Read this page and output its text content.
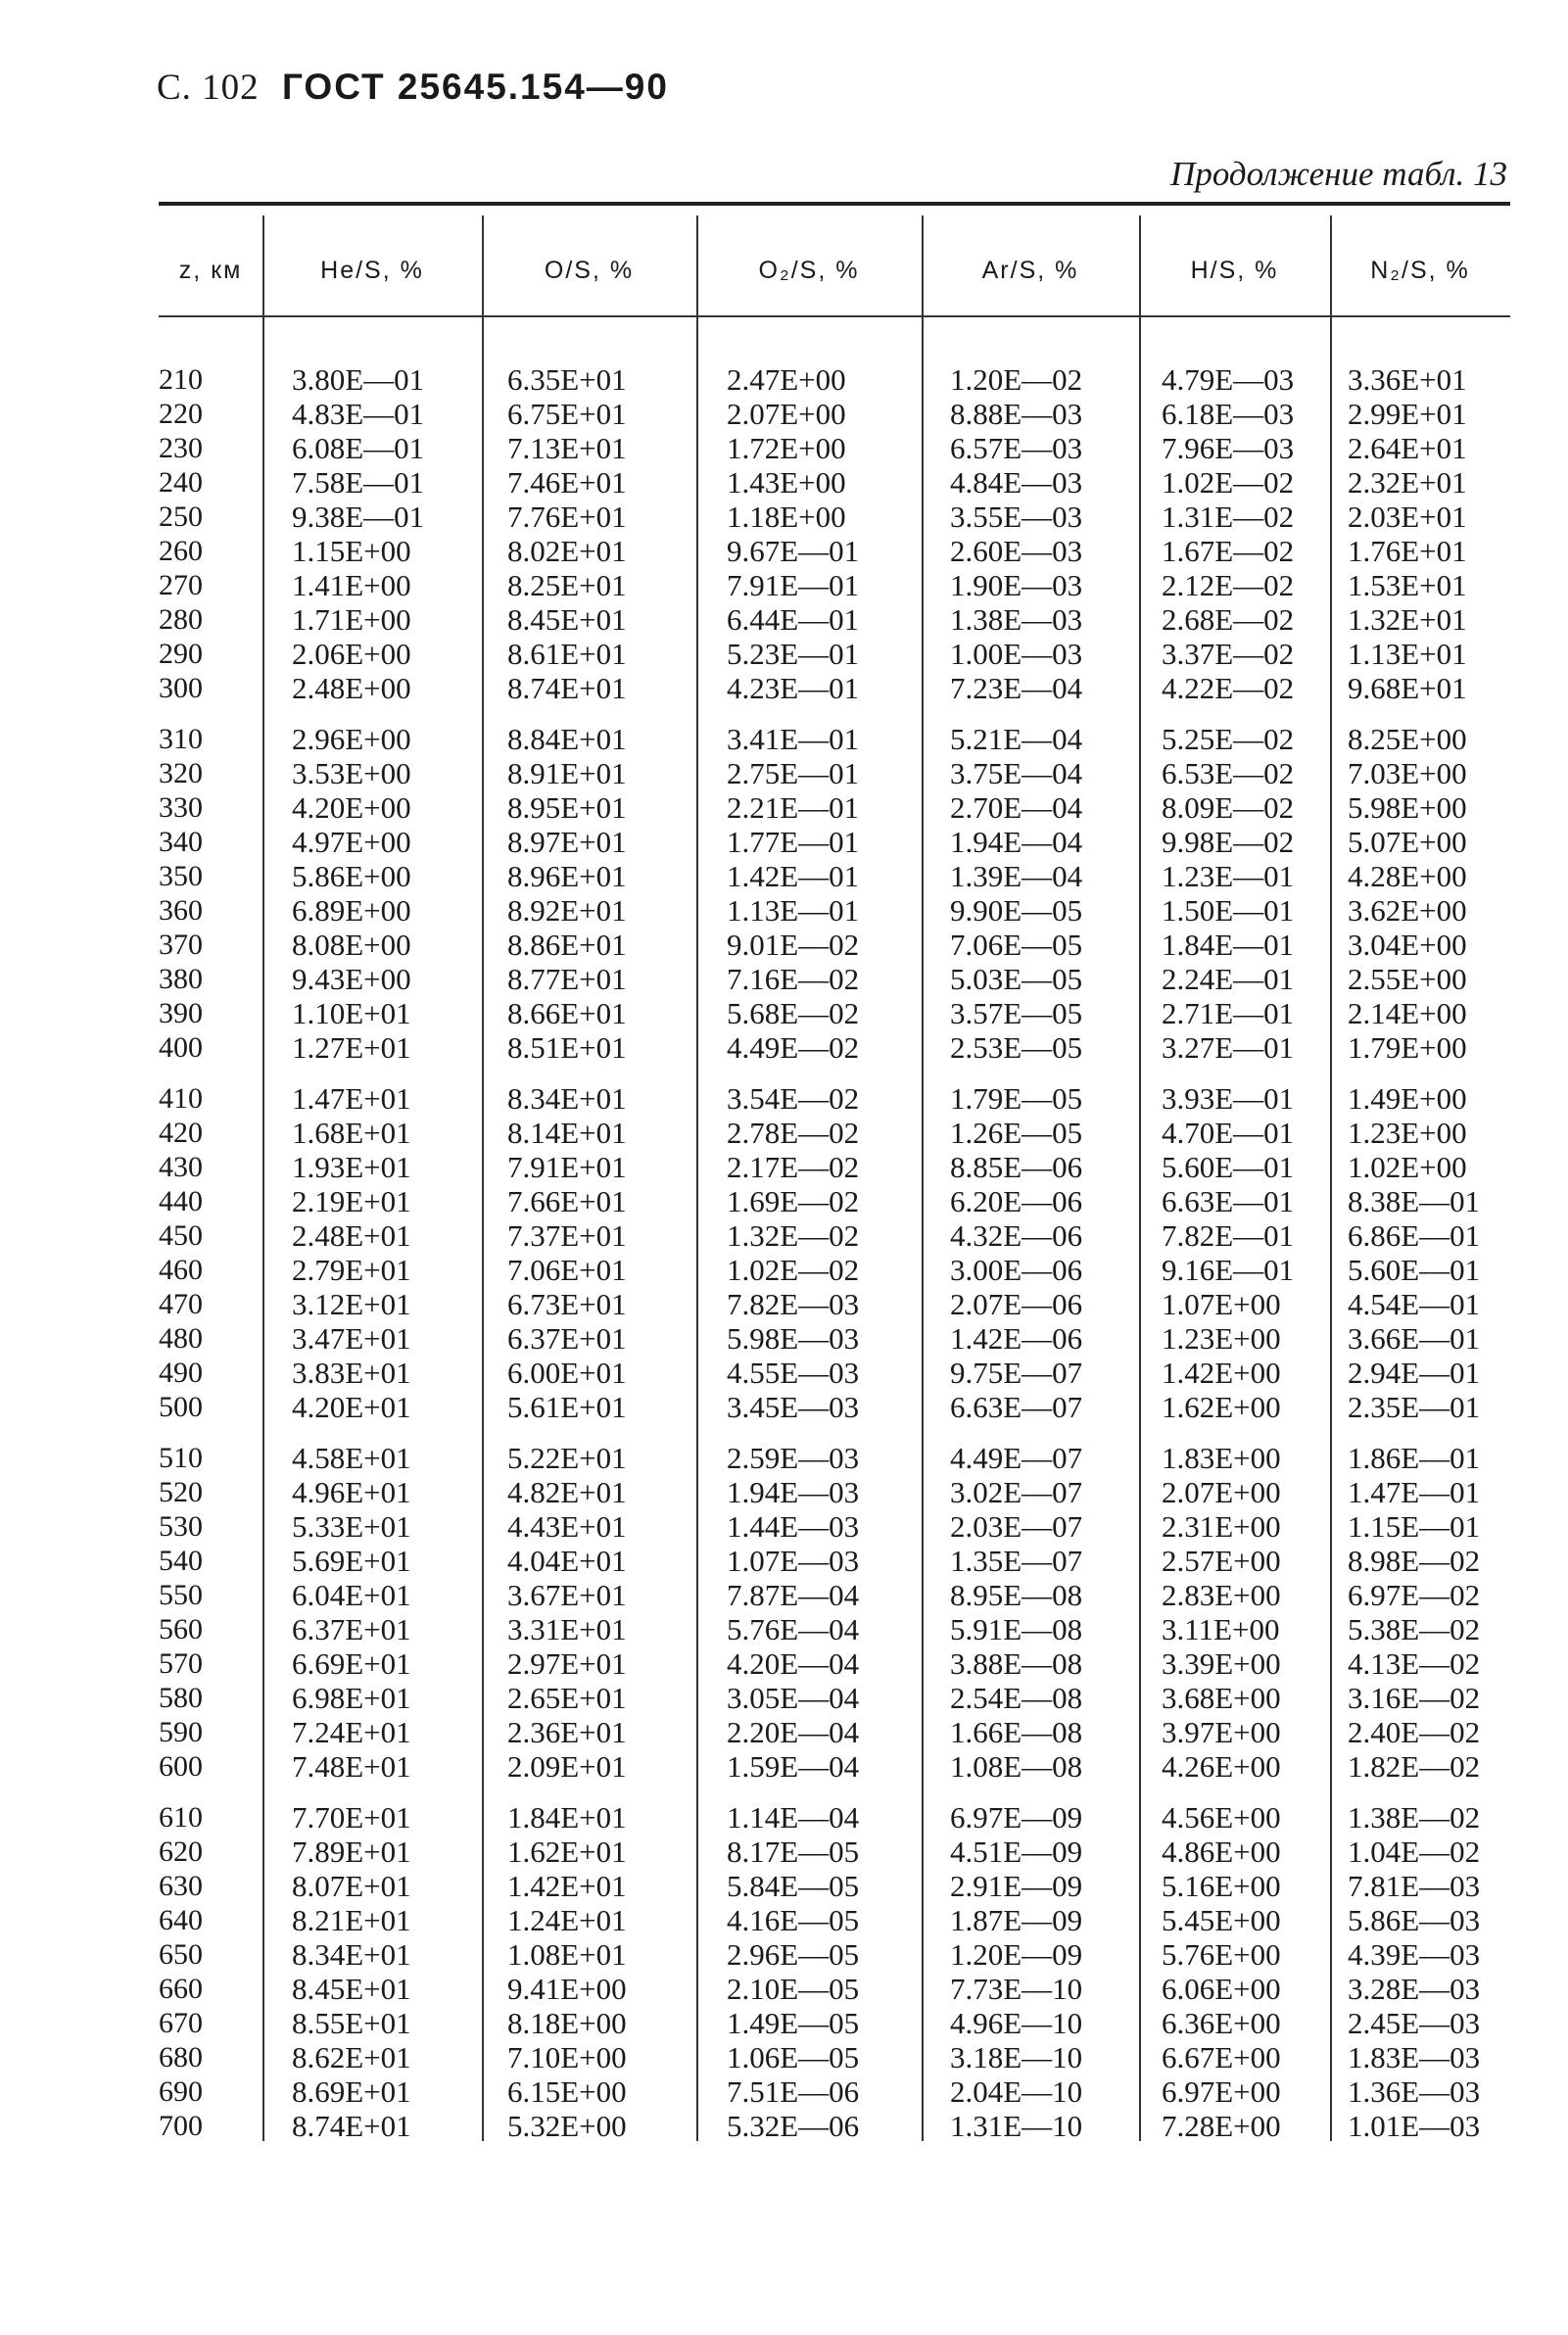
С. 102 ГОСТ 25645.154—90
Продолжение табл. 13
z, км	He/S, %	O/S, %	O₂/S, %	Ar/S, %	H/S, %	N₂/S, %
210	3.80E—01	6.35E+01	2.47E+00	1.20E—02	4.79E—03 3.36E+01
220	4.83E—01	6.75E+01	2.07E+00	8.88E—03	6.18E—03 2.99E+01
230	6.08E—01	7.13E+01	1.72E+00	6.57E—03	7.96E—03 2.64E+01
240	7.58E—01	7.46E+01	1.43E+00	4.84E—03	1.02E—02 2.32E+01
250	9.38E—01	7.76E+01	1.18E+00	3.55E—03	1.31E—02 2.03E+01
260	1.15E+00	8.02E+01	9.67E—01	2.60E—03	1.67E—02 1.76E+01
270	1.41E+00	8.25E+01	7.91E—01	1.90E—03	2.12E—02 1.53E+01
280	1.71E+00	8.45E+01	6.44E—01	1.38E—03	2.68E—02 1.32E+01
290	2.06E+00	8.61E+01	5.23E—01	1.00E—03	3.37E—02 1.13E+01
300	2.48E+00	8.74E+01	4.23E—01	7.23E—04	4.22E—02 9.68E+01
310	2.96E+00	8.84E+01	3.41E—01	5.21E—04	5.25E—02 8.25E+00
320	3.53E+00	8.91E+01	2.75E—01	3.75E—04	6.53E—02 7.03E+00
330	4.20E+00	8.95E+01	2.21E—01	2.70E—04	8.09E—02 5.98E+00
340	4.97E+00	8.97E+01	1.77E—01	1.94E—04	9.98E—02 5.07E+00
350	5.86E+00	8.96E+01	1.42E—01	1.39E—04	1.23E—01 4.28E+00
360	6.89E+00	8.92E+01	1.13E—01	9.90E—05	1.50E—01 3.62E+00
370	8.08E+00	8.86E+01	9.01E—02	7.06E—05	1.84E—01 3.04E+00
380	9.43E+00	8.77E+01	7.16E—02	5.03E—05	2.24E—01 2.55E+00
390	1.10E+01	8.66E+01	5.68E—02	3.57E—05	2.71E—01 2.14E+00
400	1.27E+01	8.51E+01	4.49E—02	2.53E—05	3.27E—01 1.79E+00
410	1.47E+01	8.34E+01	3.54E—02	1.79E—05	3.93E—01 1.49E+00
420	1.68E+01	8.14E+01	2.78E—02	1.26E—05	4.70E—01 1.23E+00
430	1.93E+01	7.91E+01	2.17E—02	8.85E—06	5.60E—01 1.02E+00
440	2.19E+01	7.66E+01	1.69E—02	6.20E—06	6.63E—01 8.38E—01
450	2.48E+01	7.37E+01	1.32E—02	4.32E—06	7.82E—01 6.86E—01
460	2.79E+01	7.06E+01	1.02E—02	3.00E—06	9.16E—01 5.60E—01
470	3.12E+01	6.73E+01	7.82E—03	2.07E—06	1.07E+00 4.54E—01
480	3.47E+01	6.37E+01	5.98E—03	1.42E—06	1.23E+00 3.66E—01
490	3.83E+01	6.00E+01	4.55E—03	9.75E—07	1.42E+00 2.94E—01
500	4.20E+01	5.61E+01	3.45E—03	6.63E—07	1.62E+00 2.35E—01
510	4.58E+01	5.22E+01	2.59E—03	4.49E—07	1.83E+00 1.86E—01
520	4.96E+01	4.82E+01	1.94E—03	3.02E—07	2.07E+00 1.47E—01
530	5.33E+01	4.43E+01	1.44E—03	2.03E—07	2.31E+00 1.15E—01
540	5.69E+01	4.04E+01	1.07E—03	1.35E—07	2.57E+00 8.98E—02
550	6.04E+01	3.67E+01	7.87E—04	8.95E—08	2.83E+00 6.97E—02
560	6.37E+01	3.31E+01	5.76E—04	5.91E—08	3.11E+00 5.38E—02
570	6.69E+01	2.97E+01	4.20E—04	3.88E—08	3.39E+00 4.13E—02
580	6.98E+01	2.65E+01	3.05E—04	2.54E—08	3.68E+00 3.16E—02
590	7.24E+01	2.36E+01	2.20E—04	1.66E—08	3.97E+00 2.40E—02
600	7.48E+01	2.09E+01	1.59E—04	1.08E—08	4.26E+00 1.82E—02
610	7.70E+01	1.84E+01	1.14E—04	6.97E—09	4.56E+00 1.38E—02
620	7.89E+01	1.62E+01	8.17E—05	4.51E—09	4.86E+00 1.04E—02
630	8.07E+01	1.42E+01	5.84E—05	2.91E—09	5.16E+00 7.81E—03
640	8.21E+01	1.24E+01	4.16E—05	1.87E—09	5.45E+00 5.86E—03
650	8.34E+01	1.08E+01	2.96E—05	1.20E—09	5.76E+00 4.39E—03
660	8.45E+01	9.41E+00	2.10E—05	7.73E—10	6.06E+00 3.28E—03
670	8.55E+01	8.18E+00	1.49E—05	4.96E—10	6.36E+00 2.45E—03
680	8.62E+01	7.10E+00	1.06E—05	3.18E—10	6.67E+00 1.83E—03
690	8.69E+01	6.15E+00	7.51E—06	2.04E—10	6.97E+00 1.36E—03
700	8.74E+01	5.32E+00	5.32E—06	1.31E—10	7.28E+00 1.01E—03
